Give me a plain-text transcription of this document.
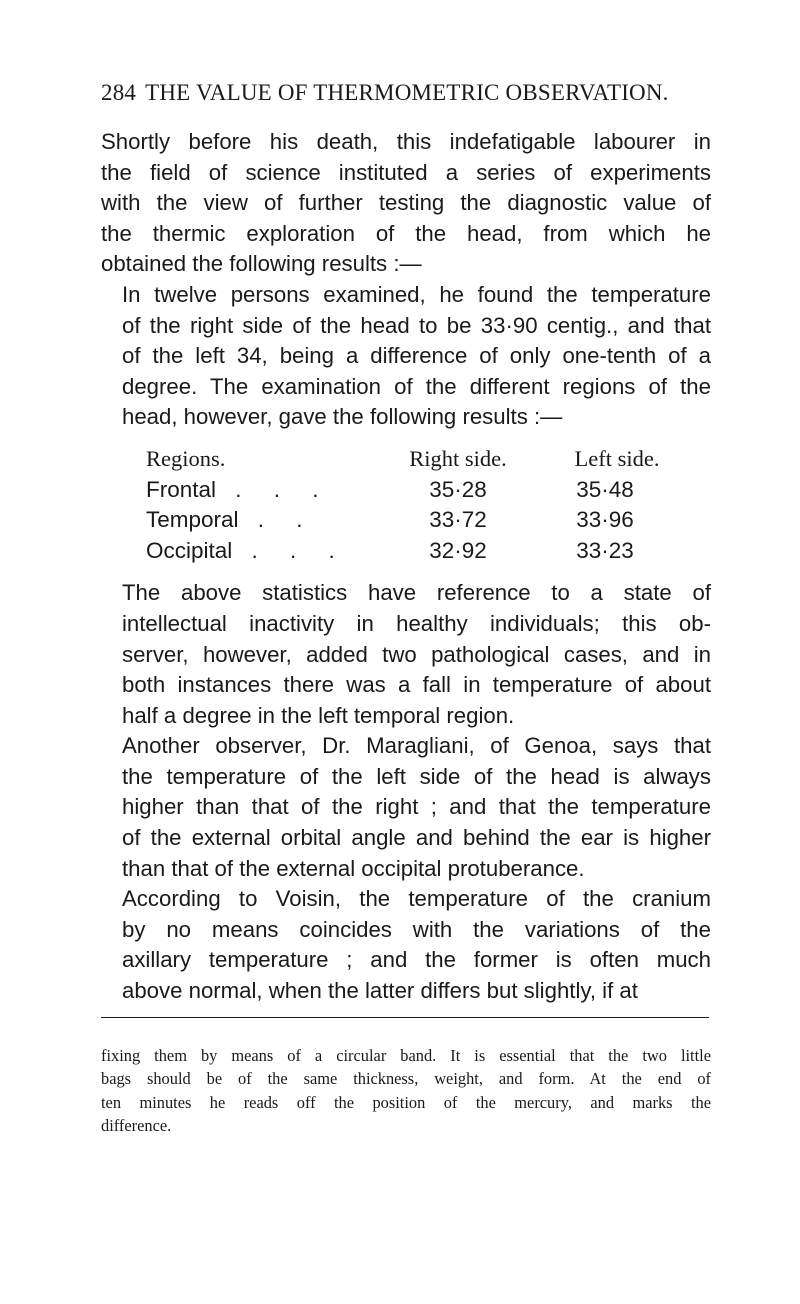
284 THE VALUE OF THERMOMETRIC OBSERVATION.

Shortly before his death, this indefatigable labourer in
the field of science instituted a series of experiments
with the view of further testing the diagnostic value of
the thermic exploration of the head, from which he
obtained the following results :—

In twelve persons examined, he found the temperature
of the right side of the head to be 33·90 centig., and that
of the left 34, being a difference of only one-tenth of a
degree. The examination of the different regions of the
head, however, gave the following results :—

Regions.	Right side.	Left side.
Frontal . . .	35·28	35·48
Temporal . .	33·72	33·96
Occipital . . .	32·92	33·23

The above statistics have reference to a state of
intellectual inactivity in healthy individuals; this ob-
server, however, added two pathological cases, and in
both instances there was a fall in temperature of about
half a degree in the left temporal region.

Another observer, Dr. Maragliani, of Genoa, says that
the temperature of the left side of the head is always
higher than that of the right ; and that the temperature
of the external orbital angle and behind the ear is higher
than that of the external occipital protuberance.

According to Voisin, the temperature of the cranium
by no means coincides with the variations of the
axillary temperature ; and the former is often much
above normal, when the latter differs but slightly, if at

fixing them by means of a circular band. It is essential that the two little
bags should be of the same thickness, weight, and form. At the end of
ten minutes he reads off the position of the mercury, and marks the
difference.
